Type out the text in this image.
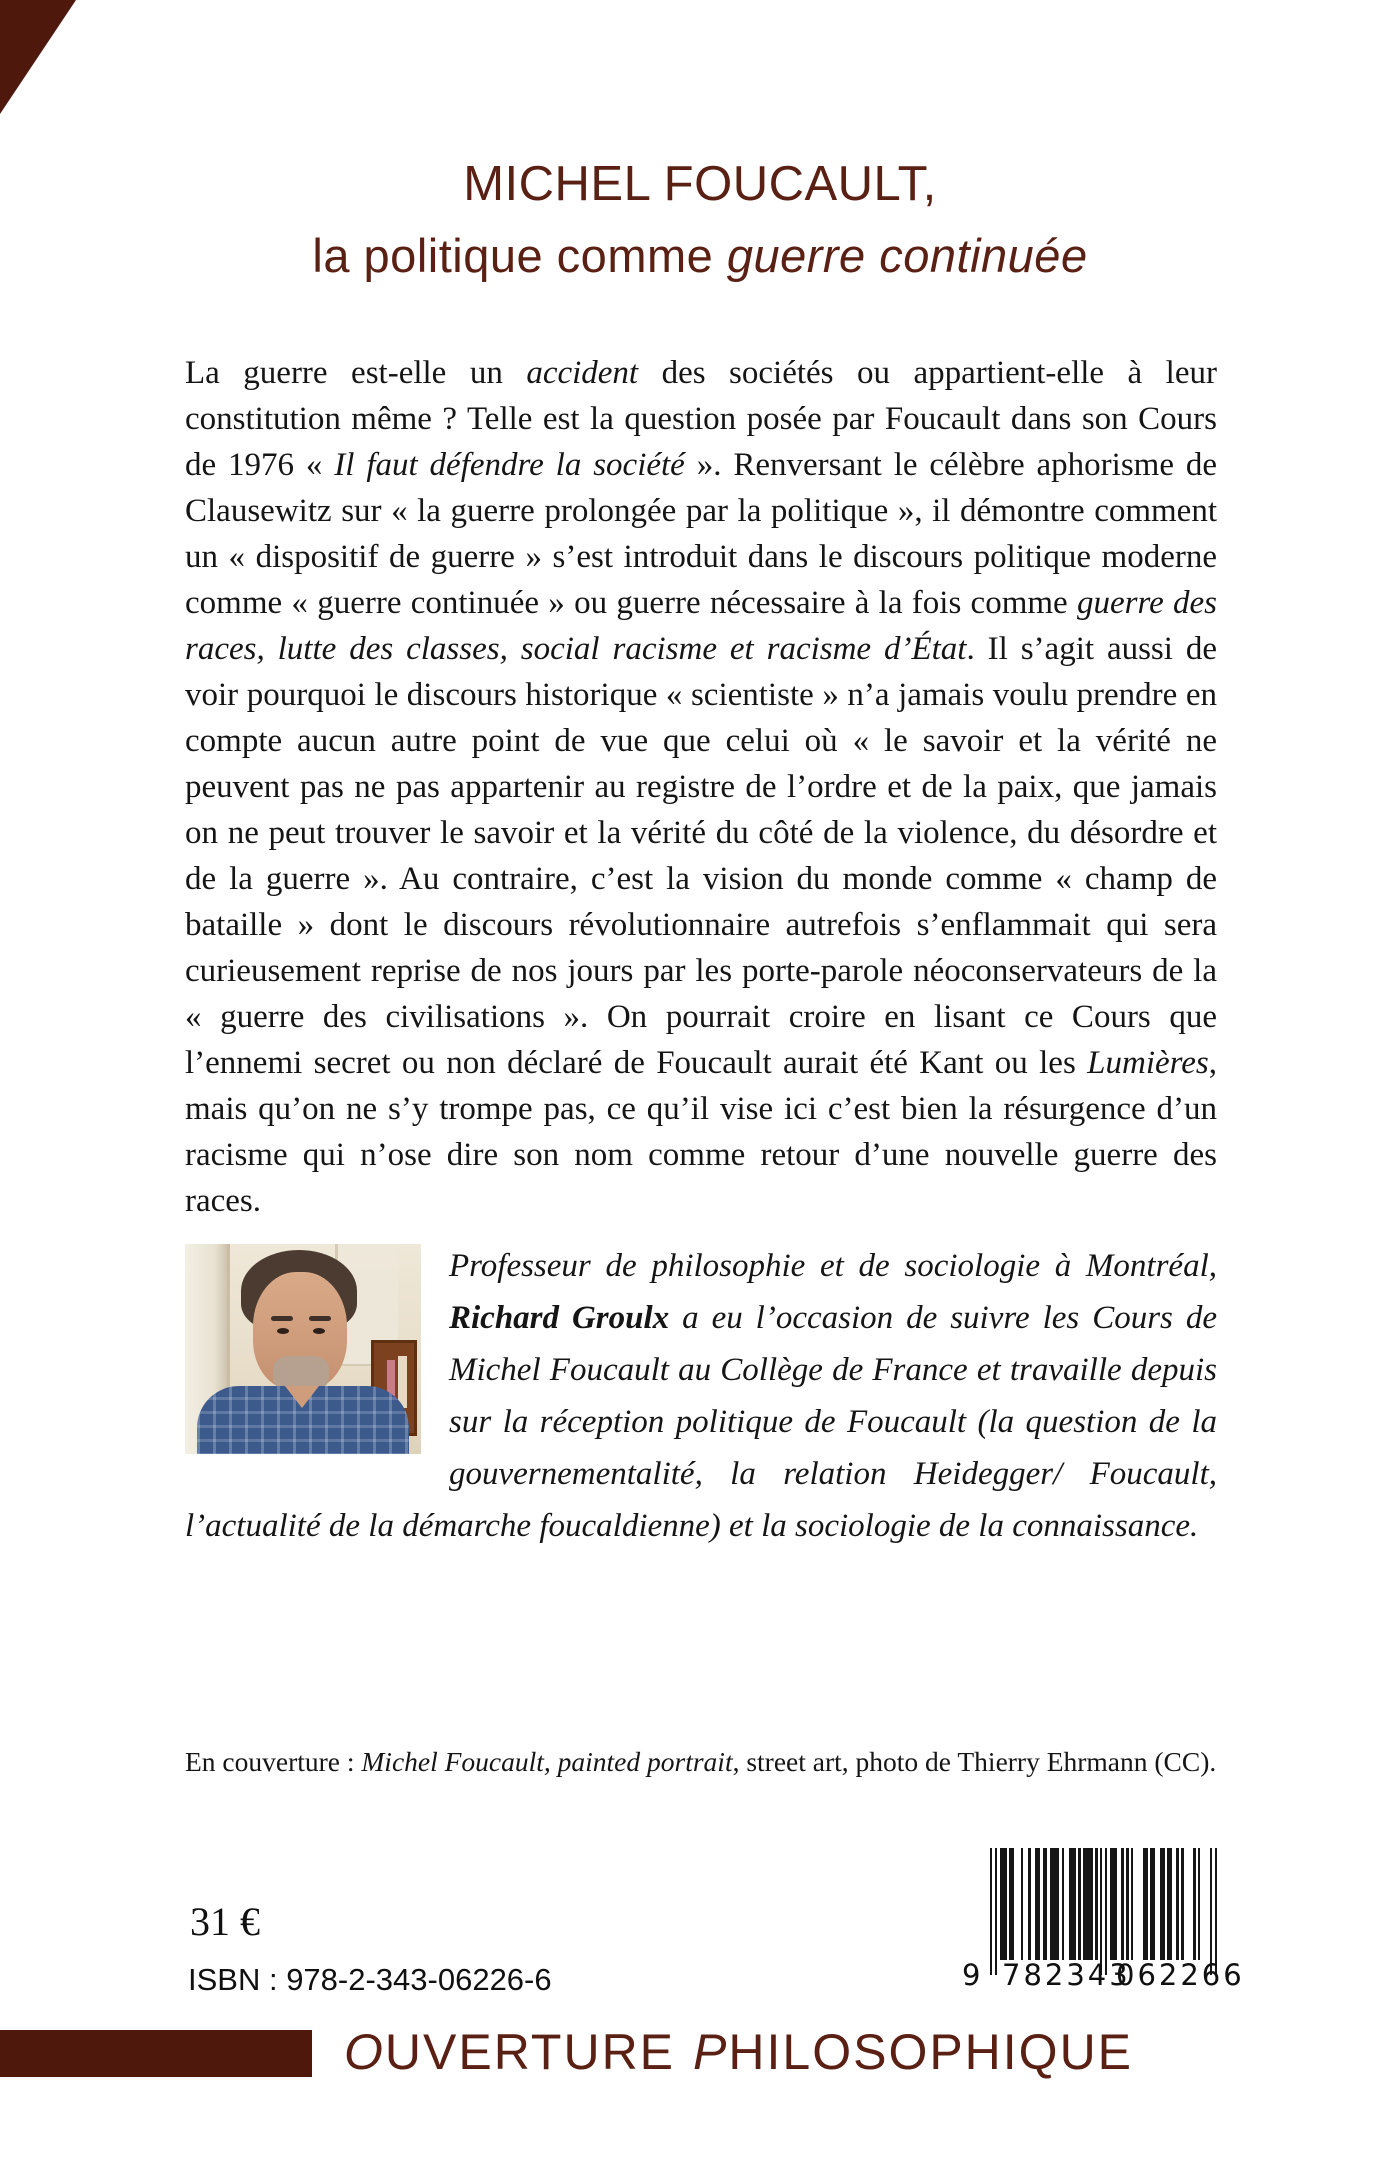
MICHEL FOUCAULT,
la politique comme guerre continuée
La guerre est-elle un accident des sociétés ou appartient-elle à leur constitution même ? Telle est la question posée par Foucault dans son Cours de 1976 « Il faut défendre la société ». Renversant le célèbre aphorisme de Clausewitz sur « la guerre prolongée par la politique », il démontre comment un « dispositif de guerre » s’est introduit dans le discours politique moderne comme « guerre continuée » ou guerre nécessaire à la fois comme guerre des races, lutte des classes, social racisme et racisme d’État. Il s’agit aussi de voir pourquoi le discours historique « scientiste » n’a jamais voulu prendre en compte aucun autre point de vue que celui où « le savoir et la vérité ne peuvent pas ne pas appartenir au registre de l’ordre et de la paix, que jamais on ne peut trouver le savoir et la vérité du côté de la violence, du désordre et de la guerre ». Au contraire, c’est la vision du monde comme « champ de bataille » dont le discours révolutionnaire autrefois s’enflammait qui sera curieusement reprise de nos jours par les porte-parole néoconservateurs de la « guerre des civilisations ». On pourrait croire en lisant ce Cours que l’ennemi secret ou non déclaré de Foucault aurait été Kant ou les Lumières, mais qu’on ne s’y trompe pas, ce qu’il vise ici c’est bien la résurgence d’un racisme qui n’ose dire son nom comme retour d’une nouvelle guerre des races.
Professeur de philosophie et de sociologie à Montréal, Richard Groulx a eu l’occasion de suivre les Cours de Michel Foucault au Collège de France et travaille depuis sur la réception politique de Foucault (la question de la gouvernementalité, la relation Heidegger/ Foucault, l’actualité de la démarche foucaldienne) et la sociologie de la connaissance.
En couverture : Michel Foucault, painted portrait, street art, photo de Thierry Ehrmann (CC).
31 €
ISBN : 978-2-343-06226-6	9 782343
062266
OUVERTURE PHILOSOPHIQUE
